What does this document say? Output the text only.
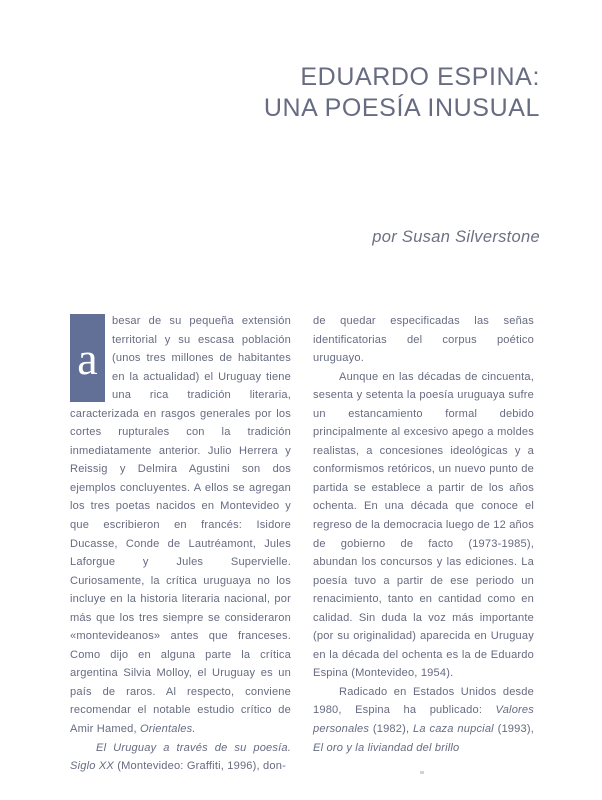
EDUARDO ESPINA:
UNA POESÍA INUSUAL
por Susan Silverstone
a

besar de su pequeña extensión territorial y su escasa población (unos tres millones de habitantes en la actualidad) el Uruguay tiene una rica tradición literaria, caracterizada en rasgos generales por los cortes rupturales con la tradición inmediatamente anterior. Julio Herrera y Reissig y Delmira Agustini son dos ejemplos concluyentes. A ellos se agregan los tres poetas nacidos en Montevideo y que escribieron en francés: Isidore Ducasse, Conde de Lautréamont, Jules Laforgue y Jules Supervielle. Curiosamente, la crítica uruguaya no los incluye en la historia literaria nacional, por más que los tres siempre se consideraron «montevideanos» antes que franceses. Como dijo en alguna parte la crítica argentina Silvia Molloy, el Uruguay es un país de raros. Al respecto, conviene recomendar el notable estudio crítico de Amir Hamed, Orientales.

El Uruguay a través de su poesía. Siglo XX (Montevideo: Graffiti, 1996), don-

de quedar especificadas las señas identificatorias del corpus poético uruguayo.

Aunque en las décadas de cincuenta, sesenta y setenta la poesía uruguaya sufre un estancamiento formal debido principalmente al excesivo apego a moldes realistas, a concesiones ideológicas y a conformismos retóricos, un nuevo punto de partida se establece a partir de los años ochenta. En una década que conoce el regreso de la democracia luego de 12 años de gobierno de facto (1973-1985), abundan los concursos y las ediciones. La poesía tuvo a partir de ese periodo un renacimiento, tanto en cantidad como en calidad. Sin duda la voz más importante (por su originalidad) aparecida en Uruguay en la década del ochenta es la de Eduardo Espina (Montevideo, 1954).

Radicado en Estados Unidos desde 1980, Espina ha publicado: Valores personales (1982), La caza nupcial (1993), El oro y la liviandad del brillo
